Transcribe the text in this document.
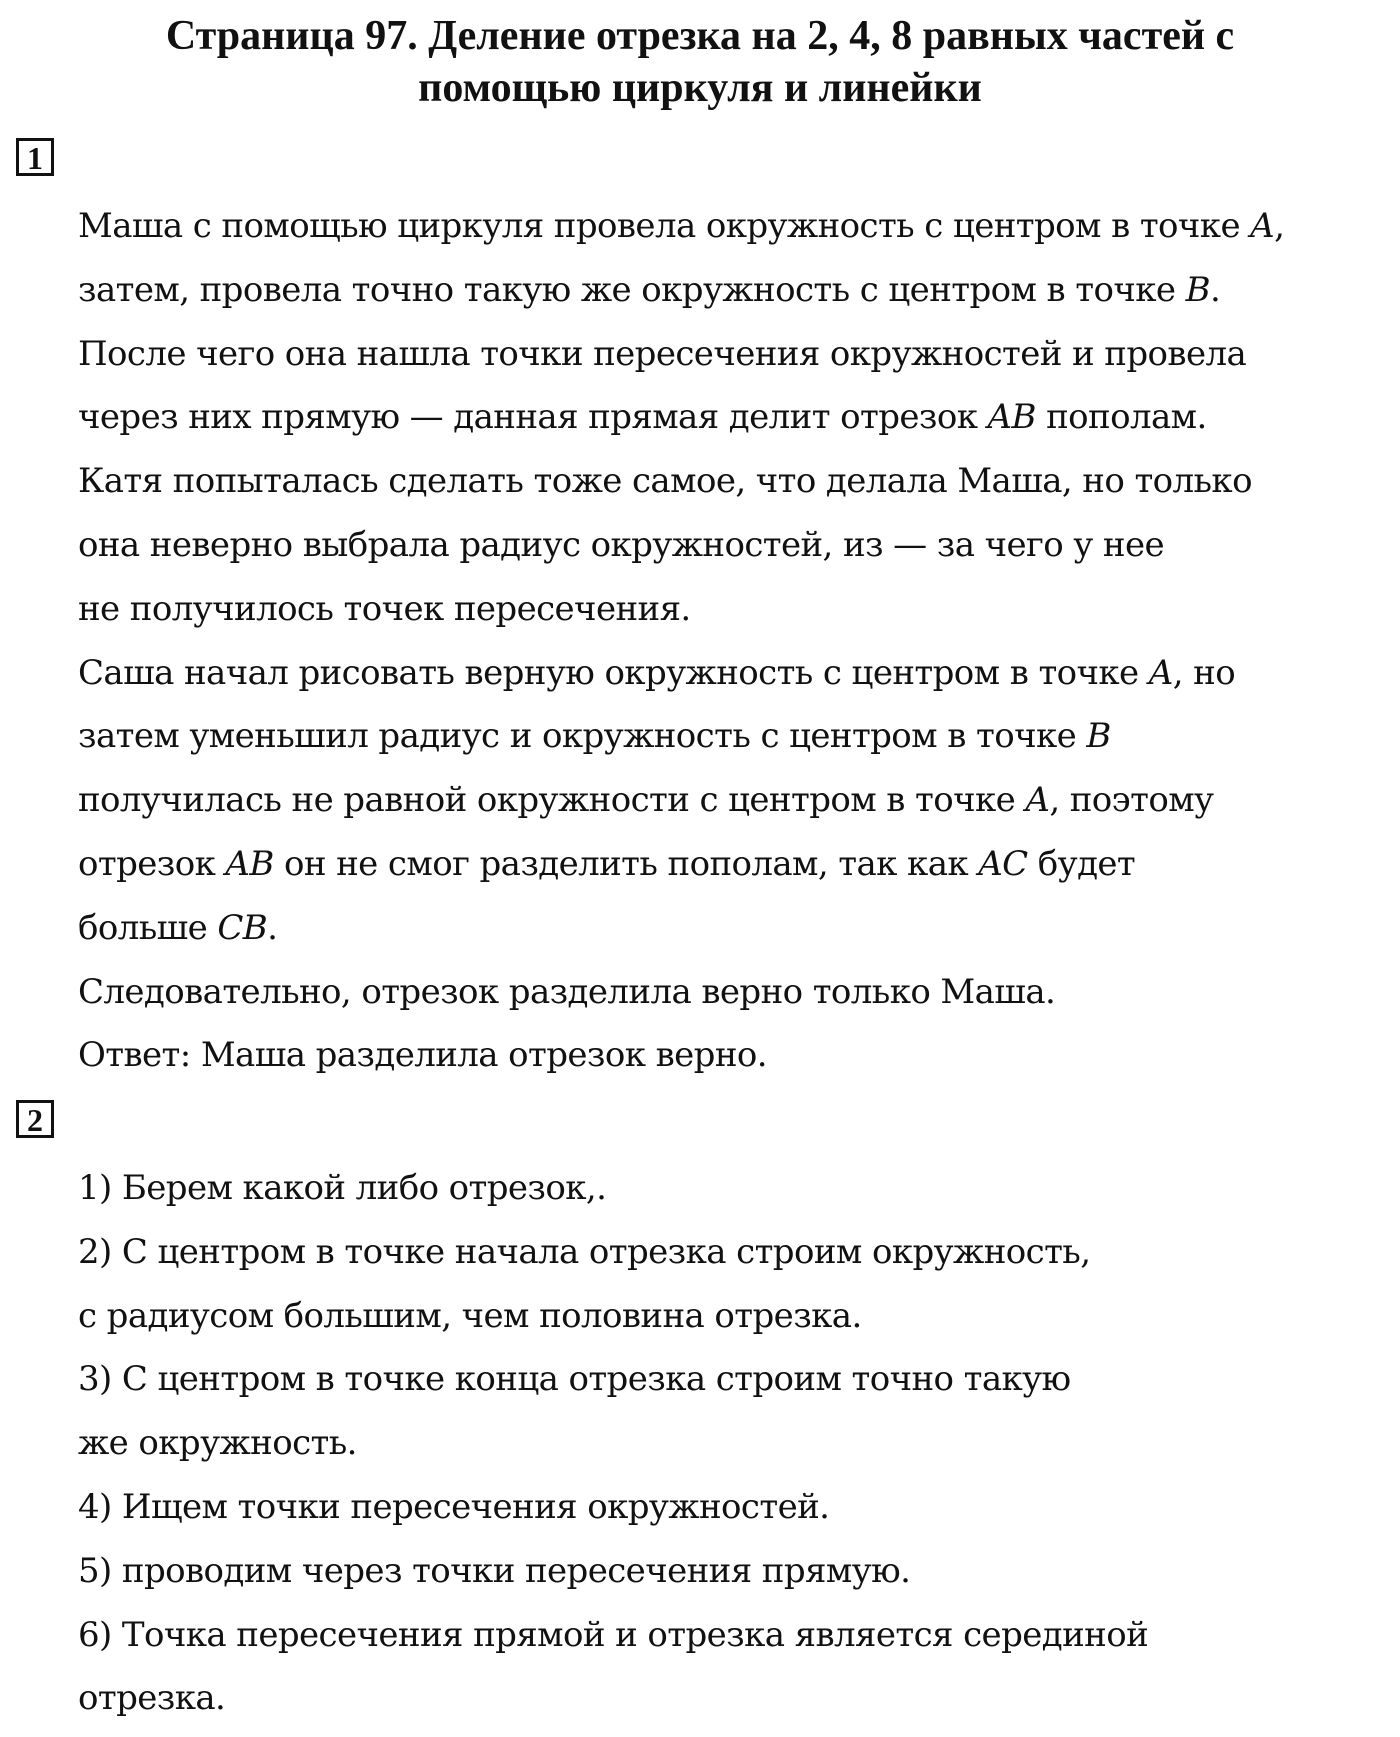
Страница 97. Деление отрезка на 2, 4, 8 равных частей с
помощью циркуля и линейки
1
Маша с помощью циркуля провела окружность с центром в точке 𝐴,
затем, провела точно такую же окружность с центром в точке 𝐵.
После чего она нашла точки пересечения окружностей и провела
через них прямую — данная прямая делит отрезок 𝐴𝐵 пополам.
Катя попыталась сделать тоже самое, что делала Маша, но только
она неверно выбрала радиус окружностей, из — за чего у нее
не получилось точек пересечения.
Саша начал рисовать верную окружность с центром в точке 𝐴, но
затем уменьшил радиус и окружность с центром в точке 𝐵
получилась не равной окружности с центром в точке 𝐴, поэтому
отрезок 𝐴𝐵 он не смог разделить пополам, так как 𝐴𝐶 будет
больше 𝐶𝐵.
Следовательно, отрезок разделила верно только Маша.
Ответ: Маша разделила отрезок верно.
2
1) Берем какой либо отрезок,.
2) С центром в точке начала отрезка строим окружность,
с радиусом большим, чем половина отрезка.
3) С центром в точке конца отрезка строим точно такую
же окружность.
4) Ищем точки пересечения окружностей.
5) проводим через точки пересечения прямую.
6) Точка пересечения прямой и отрезка является серединой
отрезка.
